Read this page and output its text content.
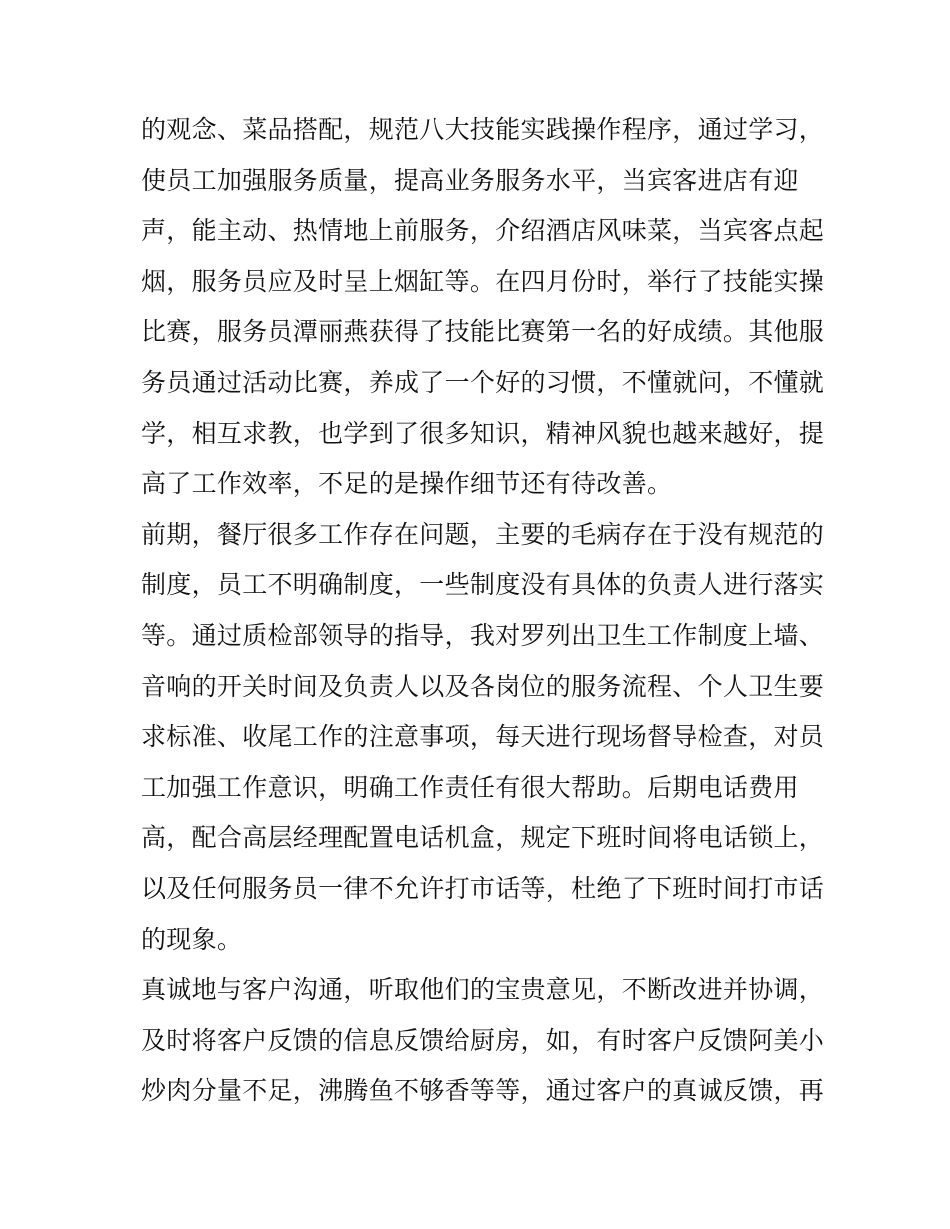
的观念、菜品搭配，规范八大技能实践操作程序，通过学习，
使员工加强服务质量，提高业务服务水平，当宾客进店有迎
声，能主动、热情地上前服务，介绍酒店风味菜，当宾客点起
烟，服务员应及时呈上烟缸等。在四月份时，举行了技能实操
比赛，服务员潭丽燕获得了技能比赛第一名的好成绩。其他服
务员通过活动比赛，养成了一个好的习惯，不懂就问，不懂就
学，相互求教，也学到了很多知识，精神风貌也越来越好，提
高了工作效率，不足的是操作细节还有待改善。
前期，餐厅很多工作存在问题，主要的毛病存在于没有规范的
制度，员工不明确制度，一些制度没有具体的负责人进行落实
等。通过质检部领导的指导，我对罗列出卫生工作制度上墙、
音响的开关时间及负责人以及各岗位的服务流程、个人卫生要
求标准、收尾工作的注意事项，每天进行现场督导检查，对员
工加强工作意识，明确工作责任有很大帮助。后期电话费用
高，配合高层经理配置电话机盒，规定下班时间将电话锁上，
以及任何服务员一律不允许打市话等，杜绝了下班时间打市话
的现象。
真诚地与客户沟通，听取他们的宝贵意见，不断改进并协调，
及时将客户反馈的信息反馈给厨房，如，有时客户反馈阿美小
炒肉分量不足，沸腾鱼不够香等等，通过客户的真诚反馈，再
